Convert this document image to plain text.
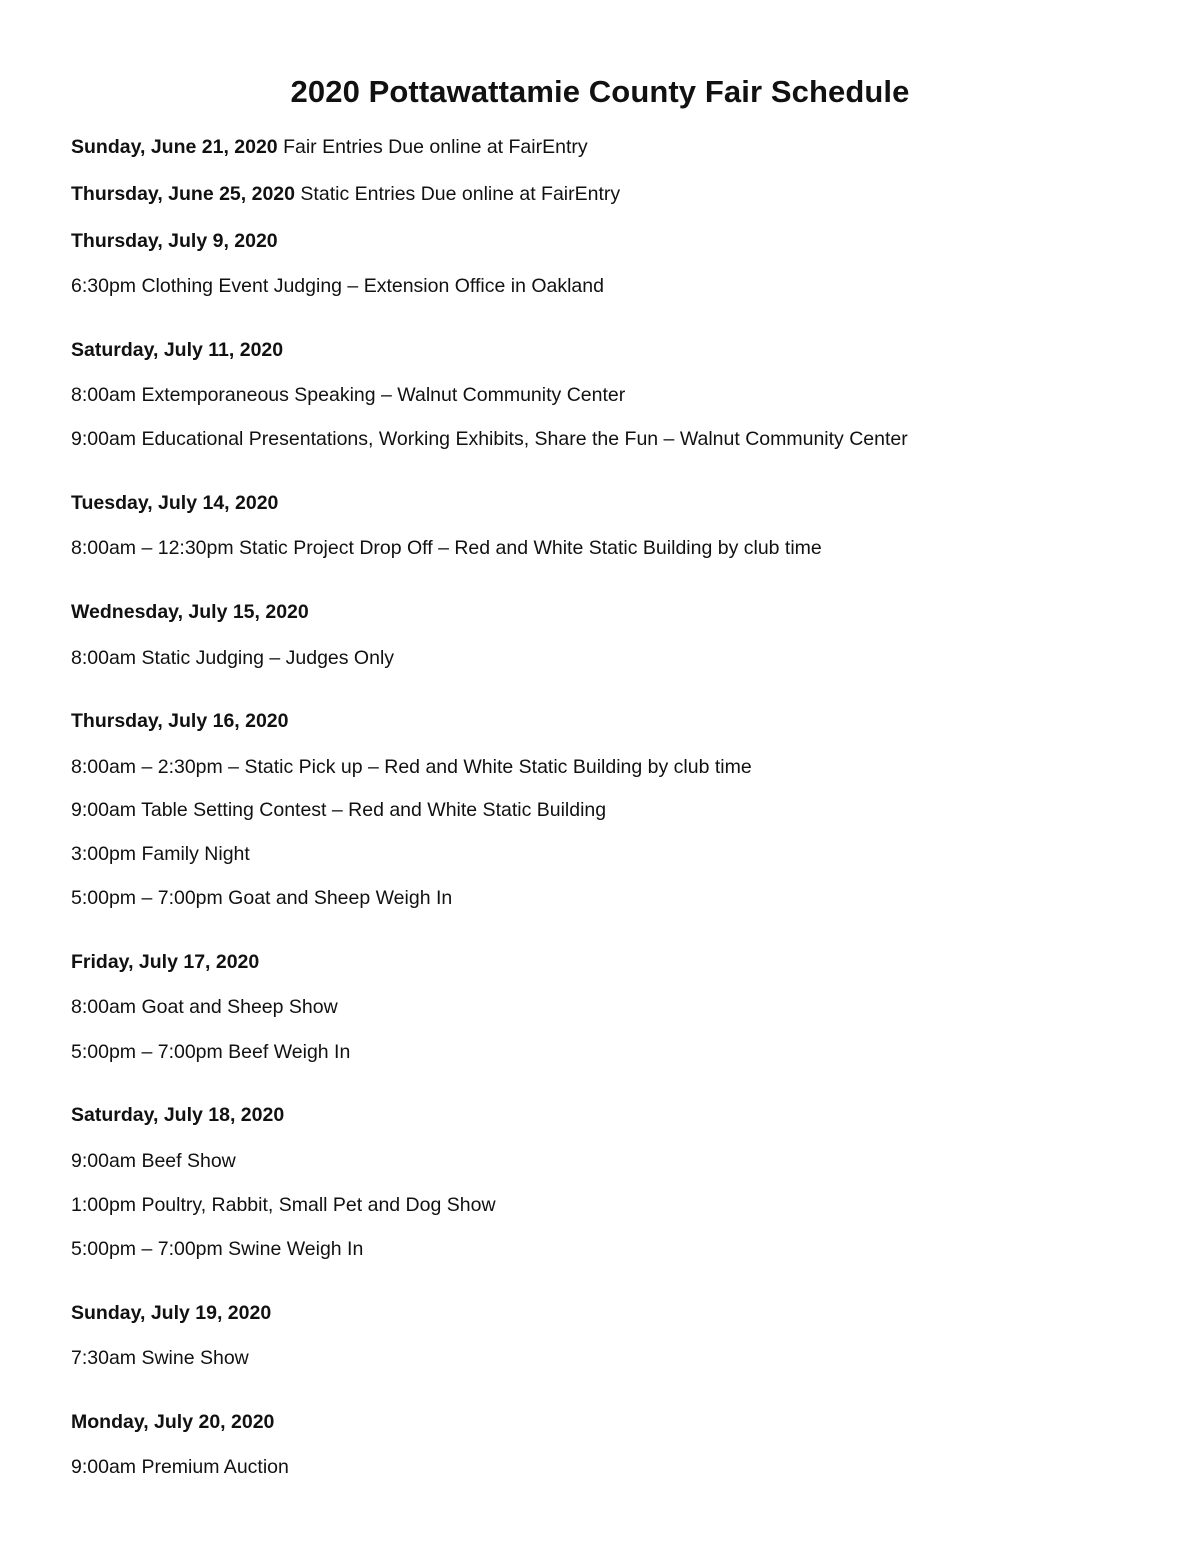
2020 Pottawattamie County Fair Schedule
Sunday, June 21, 2020 Fair Entries Due online at FairEntry
Thursday, June 25, 2020 Static Entries Due online at FairEntry
Thursday, July 9, 2020
6:30pm Clothing Event Judging – Extension Office in Oakland
Saturday, July 11, 2020
8:00am Extemporaneous Speaking – Walnut Community Center
9:00am Educational Presentations, Working Exhibits, Share the Fun – Walnut Community Center
Tuesday, July 14, 2020
8:00am – 12:30pm Static Project Drop Off – Red and White Static Building by club time
Wednesday, July 15, 2020
8:00am Static Judging – Judges Only
Thursday, July 16, 2020
8:00am – 2:30pm – Static Pick up – Red and White Static Building by club time
9:00am Table Setting Contest – Red and White Static Building
3:00pm Family Night
5:00pm – 7:00pm Goat and Sheep Weigh In
Friday, July 17, 2020
8:00am Goat and Sheep Show
5:00pm – 7:00pm Beef Weigh In
Saturday, July 18, 2020
9:00am Beef Show
1:00pm Poultry, Rabbit, Small Pet and Dog Show
5:00pm – 7:00pm Swine Weigh In
Sunday, July 19, 2020
7:30am Swine Show
Monday, July 20, 2020
9:00am Premium Auction
